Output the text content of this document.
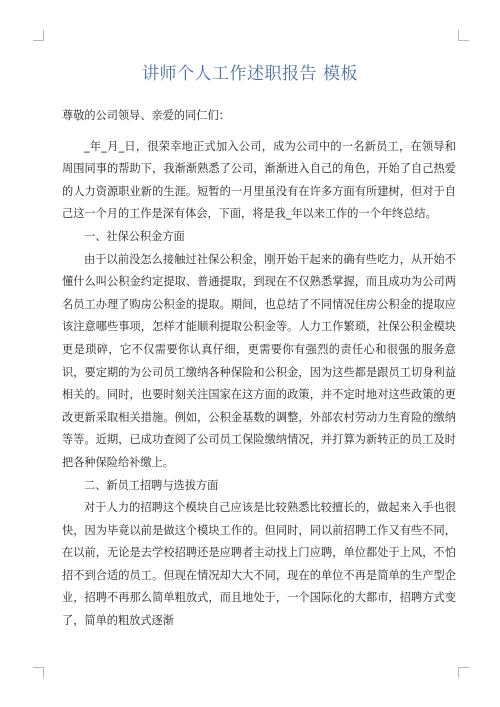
讲师个人工作述职报告 模板

尊敬的公司领导、亲爱的同仁们：

_年_月_日，很荣幸地正式加入公司，成为公司中的一名新员工，在领导和周围同事的帮助下，我渐渐熟悉了公司，渐渐进入自己的角色，开始了自己热爱的人力资源职业新的生涯。短暂的一月里虽没有在许多方面有所建树，但对于自己这一个月的工作是深有体会，下面，将是我_年以来工作的一个年终总结。

一、社保公积金方面

由于以前没怎么接触过社保公积金，刚开始干起来的确有些吃力，从开始不懂什么叫公积金约定提取、普通提取，到现在不仅熟悉掌握，而且成功为公司两名员工办理了购房公积金的提取。期间，也总结了不同情况住房公积金的提取应该注意哪些事项，怎样才能顺利提取公积金等。人力工作繁琐，社保公积金模块更是琐碎，它不仅需要你认真仔细，更需要你有强烈的责任心和很强的服务意识，要定期的为公司员工缴纳各种保险和公积金，因为这些都是跟员工切身利益相关的。同时，也要时刻关注国家在这方面的政策，并不定时地对这些政策的更改更新采取相关措施。例如，公积金基数的调整，外部农村劳动力生育险的缴纳等等。近期，已成功查阅了公司员工保险缴纳情况，并打算为新转正的员工及时把各种保险给补缴上。

二、新员工招聘与选拔方面

对于人力的招聘这个模块自己应该是比较熟悉比较擅长的，做起来入手也很快，因为毕竟以前是做这个模块工作的。但同时，同以前招聘工作又有些不同，在以前，无论是去学校招聘还是应聘者主动找上门应聘，单位都处于上风，不怕招不到合适的员工。但现在情况却大大不同，现在的单位不再是简单的生产型企业，招聘不再那么简单粗放式，而且地处于，一个国际化的大都市，招聘方式变了，简单的粗放式逐渐
